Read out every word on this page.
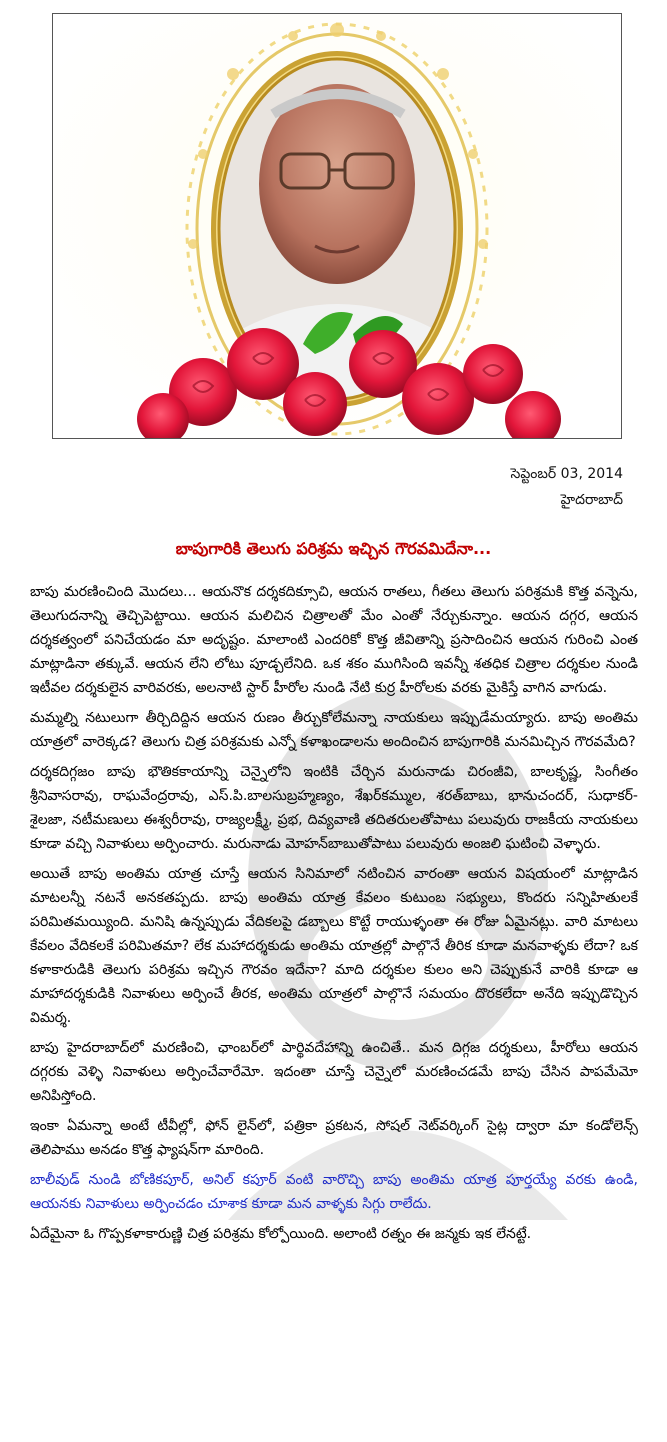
సెప్టెంబర్ 03, 2014
హైదరాబాద్
బాపుగారికి తెలుగు పరిశ్రమ ఇచ్చిన గౌరవమిదేనా...

బాపు మరణించింది మొదలు... ఆయనొక దర్శకదిక్సూచి, ఆయన రాతలు, గీతలు తెలుగు పరిశ్రమకి కొత్త వన్నెను, తెలుగుదనాన్ని తెచ్చిపెట్టాయి. ఆయన మలిచిన చిత్రాలతో మేం ఎంతో నేర్చుకున్నాం. ఆయన దగ్గర, ఆయన దర్శకత్వంలో పనిచేయడం మా అదృష్టం. మాలాంటి ఎందరికో కొత్త జీవితాన్ని ప్రసాదించిన ఆయన గురించి ఎంత మాట్లాడినా తక్కువే. ఆయన లేని లోటు పూడ్చలేనిది. ఒక శకం ముగిసింది ఇవన్నీ శతధిక చిత్రాల దర్శకుల నుండి ఇటీవల దర్శకులైన వారివరకు, అలనాటి స్టార్ హీరోల నుండి నేటి కుర్ర హీరోలకు వరకు మైకిస్తే వాగిన వాగుడు.

మమ్మల్ని నటులుగా తీర్చిదిద్దిన ఆయన రుణం తీర్చుకోలేమన్నా నాయకులు ఇప్పుడేమయ్యారు. బాపు అంతిమ యాత్రలో వారెక్కడ? తెలుగు చిత్ర పరిశ్రమకు ఎన్నో కళాఖండాలను అందించిన బాపుగారికి మనమిచ్చిన గౌరవమేది?

దర్శకదిగ్గజం బాపు భౌతికకాయాన్ని చెన్నైలోని ఇంటికి చేర్చిన మరునాడు చిరంజీవి, బాలకృష్ణ, సింగీతం శ్రీనివాసరావు, రాఘవేంద్రరావు, ఎస్.పి.బాలసుబ్రహ్మణ్యం, శేఖర్‌కమ్ముల, శరత్‌బాబు, భానుచందర్, సుధాకర్-శైలజా, నటీమణులు ఈశ్వరీరావు, రాజ్యలక్ష్మీ, ప్రభ, దివ్యవాణి తదితరులతోపాటు పలువురు రాజకీయ నాయకులు కూడా వచ్చి నివాళులు అర్పించారు. మరునాడు మోహన్‌బాబుతోపాటు పలువురు అంజలి ఘటించి వెళ్ళారు.

అయితే బాపు అంతిమ యాత్ర చూస్తే ఆయన సినిమాలో నటించిన వారంతా ఆయన విషయంలో మాట్లాడిన మాటలన్నీ నటనే అనకతప్పదు. బాపు అంతిమ యాత్ర కేవలం కుటుంబ సభ్యులు, కొందరు సన్నిహితులకే పరిమితమయ్యింది. మనిషి ఉన్నప్పుడు వేదికలపై డబ్బాలు కొట్టే రాయుళ్ళంతా ఈ రోజు ఏమైనట్లు. వారి మాటలు కేవలం వేదికలకే పరిమితమా? లేక మహాదర్శకుడు అంతిమ యాత్రల్లో పాల్గొనే తీరిక కూడా మనవాళ్ళకు లేదా? ఒక కళాకారుడికి తెలుగు పరిశ్రమ ఇచ్చిన గౌరవం ఇదేనా? మాది దర్శకుల కులం అని చెప్పుకునే వారికి కూడా ఆ మాహాదర్శకుడికి నివాళులు అర్పించే తీరక, అంతిమ యాత్రలో పాల్గొనే సమయం దొరకలేదా అనేది ఇప్పుడొచ్చిన విమర్శ.

బాపు హైదరాబాద్‌లో మరణించి, ఛాంబర్‌లో పార్థివదేహాన్ని ఉంచితే.. మన దిగ్గజ దర్శకులు, హీరోలు ఆయన దగ్గరకు వెళ్ళి నివాళులు అర్పించేవారేమో. ఇదంతా చూస్తే చెన్నైలో మరణించడమే బాపు చేసిన పాపమేమో అనిపిస్తోంది.

ఇంకా ఏమన్నా అంటే టీవీల్లో, ఫోన్ లైన్‌లో, పత్రికా ప్రకటన, సోషల్ నెట్‌వర్కింగ్ సైట్ల ద్వారా మా కండోలెన్స్ తెలిపాము అనడం కొత్త ఫ్యాషన్‌గా మారింది.

బాలీవుడ్ నుండి బోణికపూర్, అనిల్ కపూర్ వంటి వారొచ్చి బాపు అంతిమ యాత్ర పూర్తయ్యే వరకు ఉండి, ఆయనకు నివాళులు అర్పించడం చూశాక కూడా మన వాళ్ళకు సిగ్గు రాలేదు.

ఏదేమైనా ఓ గొప్పకళాకారుణ్ణి చిత్ర పరిశ్రమ కోల్పోయింది. అలాంటి రత్నం ఈ జన్మకు ఇక లేనట్టే.
